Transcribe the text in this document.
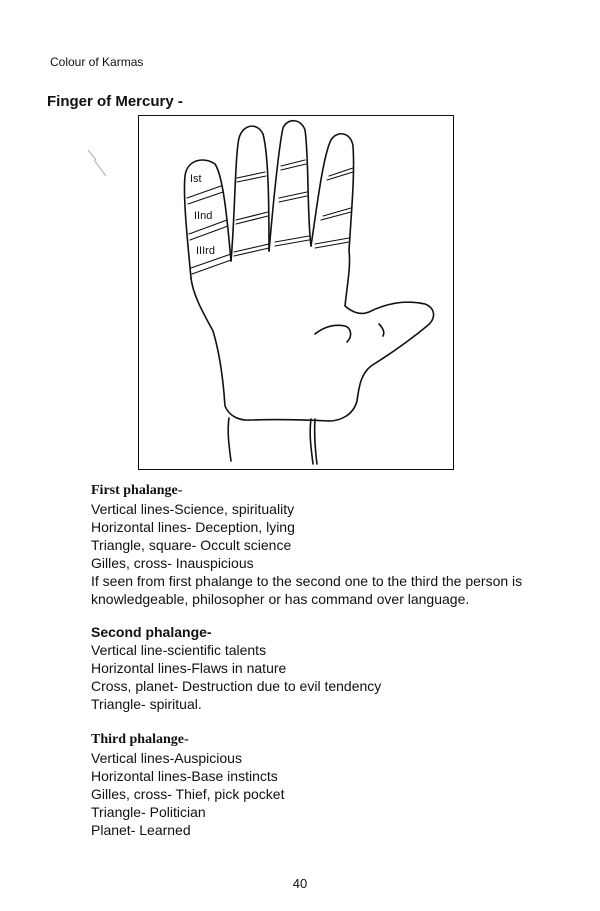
Colour of Karmas
Finger of Mercury -
Ist
IInd
IIIrd
First phalange-
Vertical lines-Science, spirituality
Horizontal lines- Deception, lying
Triangle, square- Occult science
Gilles, cross- Inauspicious
If seen from first phalange to the second one to the third the person is knowledgeable, philosopher or has command over language.
Second phalange-
Vertical line-scientific talents
Horizontal lines-Flaws in nature
Cross, planet- Destruction due to evil tendency
Triangle- spiritual.
Third phalange-
Vertical lines-Auspicious
Horizontal lines-Base instincts
Gilles, cross- Thief, pick pocket
Triangle- Politician
Planet- Learned
40
